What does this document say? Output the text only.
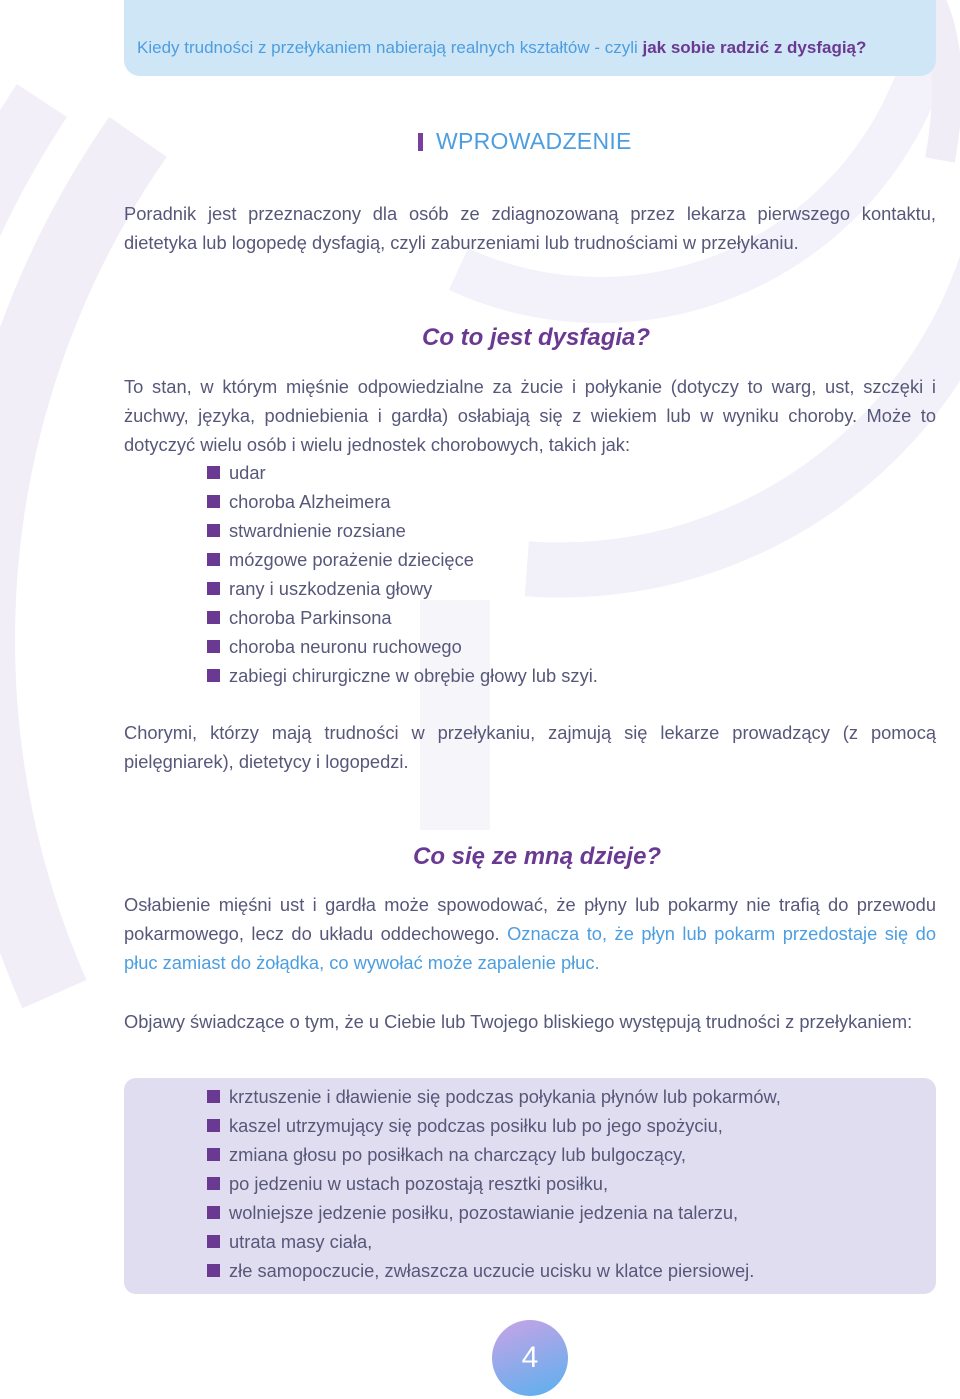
Kiedy trudności z przełykaniem nabierają realnych kształtów - czyli jak sobie radzić z dysfagią?
WPROWADZENIE
Poradnik jest przeznaczony dla osób ze zdiagnozowaną przez lekarza pierwszego kontaktu, dietetyka lub logopedę dysfagią, czyli zaburzeniami lub trudnościami w przełykaniu.
Co to jest dysfagia?
To stan, w którym mięśnie odpowiedzialne za żucie i połykanie (dotyczy to warg, ust, szczęki i żuchwy, języka, podniebienia i gardła) osłabiają się z wiekiem lub w wyniku choroby. Może to dotyczyć wielu osób i wielu jednostek chorobowych, takich jak:
udar
choroba Alzheimera
stwardnienie rozsiane
mózgowe porażenie dziecięce
rany i uszkodzenia głowy
choroba Parkinsona
choroba neuronu ruchowego
zabiegi chirurgiczne w obrębie głowy lub szyi.
Chorymi, którzy mają trudności w przełykaniu, zajmują się lekarze prowadzący (z pomocą pielęgniarek), dietetycy i logopedzi.
Co się ze mną dzieje?
Osłabienie mięśni ust i gardła może spowodować, że płyny lub pokarmy nie trafią do przewodu pokarmowego, lecz do układu oddechowego. Oznacza to, że płyn lub pokarm przedostaje się do płuc zamiast do żołądka, co wywołać może zapalenie płuc.
Objawy świadczące o tym, że u Ciebie lub Twojego bliskiego występują trudności z przełykaniem:
krztuszenie i dławienie się podczas połykania płynów lub pokarmów,
kaszel utrzymujący się podczas posiłku lub po jego spożyciu,
zmiana głosu po posiłkach na charczący lub bulgoczący,
po jedzeniu w ustach pozostają resztki posiłku,
wolniejsze jedzenie posiłku, pozostawianie jedzenia na talerzu,
utrata masy ciała,
złe samopoczucie, zwłaszcza uczucie ucisku w klatce piersiowej.
4
